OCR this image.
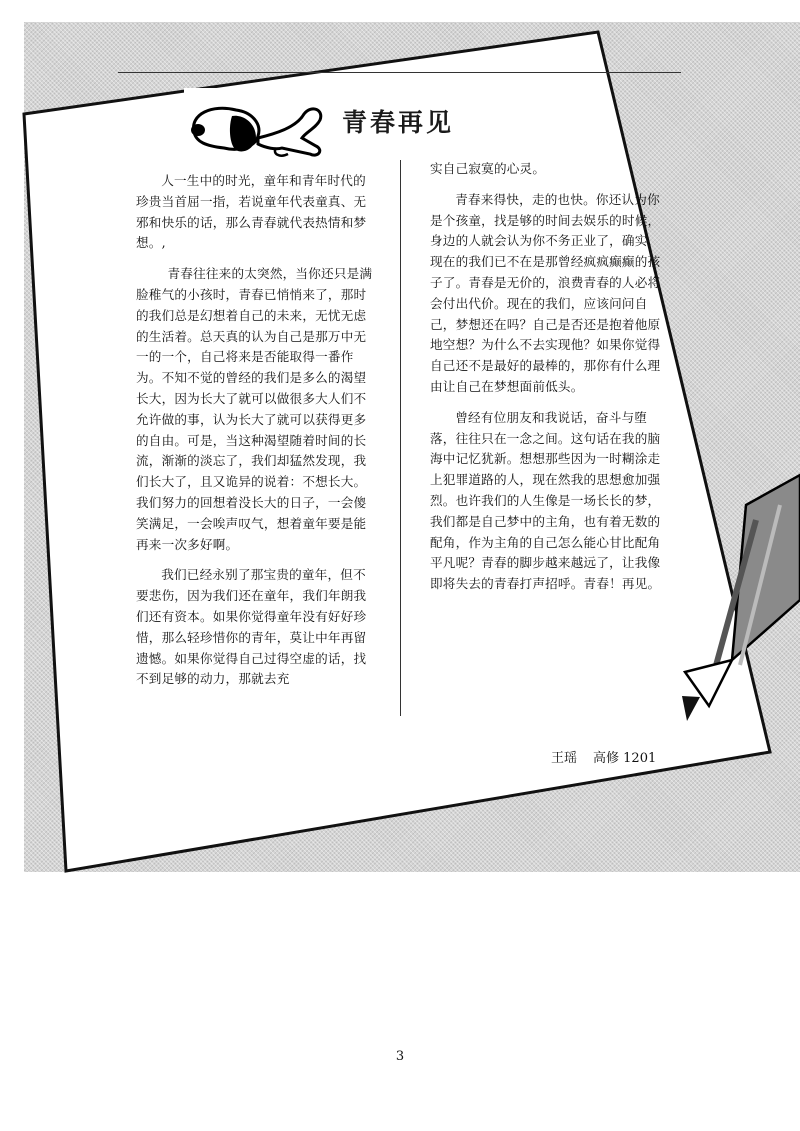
青春再见

人一生中的时光，童年和青年时代的珍贵当首屈一指，若说童年代表童真、无邪和快乐的话，那么青春就代表热情和梦想。,

青春往往来的太突然，当你还只是满脸稚气的小孩时，青春已悄悄来了，那时的我们总是幻想着自己的未来，无忧无虑的生活着。总天真的认为自己是那万中无一的一个，自己将来是否能取得一番作为。不知不觉的曾经的我们是多么的渴望长大，因为长大了就可以做很多大人们不允许做的事，认为长大了就可以获得更多的自由。可是，当这种渴望随着时间的长流，渐渐的淡忘了，我们却猛然发现，我们长大了，且又诡异的说着：不想长大。我们努力的回想着没长大的日子，一会傻笑满足，一会唉声叹气，想着童年要是能再来一次多好啊。

我们已经永别了那宝贵的童年，但不要悲伤，因为我们还在童年，我们年朗我们还有资本。如果你觉得童年没有好好珍惜，那么轻珍惜你的青年，莫让中年再留遗憾。如果你觉得自己过得空虚的话，找不到足够的动力，那就去充

实自己寂寞的心灵。

青春来得快，走的也快。你还认为你是个孩童，找是够的时间去娱乐的时候，身边的人就会认为你不务正业了，确实，现在的我们已不在是那曾经疯疯癫癫的孩子了。青春是无价的，浪费青春的人必将会付出代价。现在的我们，应该问问自己，梦想还在吗？自己是否还是抱着他原地空想？为什么不去实现他？如果你觉得自己还不是最好的最棒的，那你有什么理由让自己在梦想面前低头。

曾经有位朋友和我说话，奋斗与堕落，往往只在一念之间。这句话在我的脑海中记忆犹新。想想那些因为一时糊涂走上犯罪道路的人，现在然我的思想愈加强烈。也许我们的人生像是一场长长的梦，我们都是自己梦中的主角，也有着无数的配角，作为主角的自己怎么能心甘比配角平凡呢？青春的脚步越来越远了，让我像即将失去的青春打声招呼。青春！再见。

王瑶 高修 1201
3
